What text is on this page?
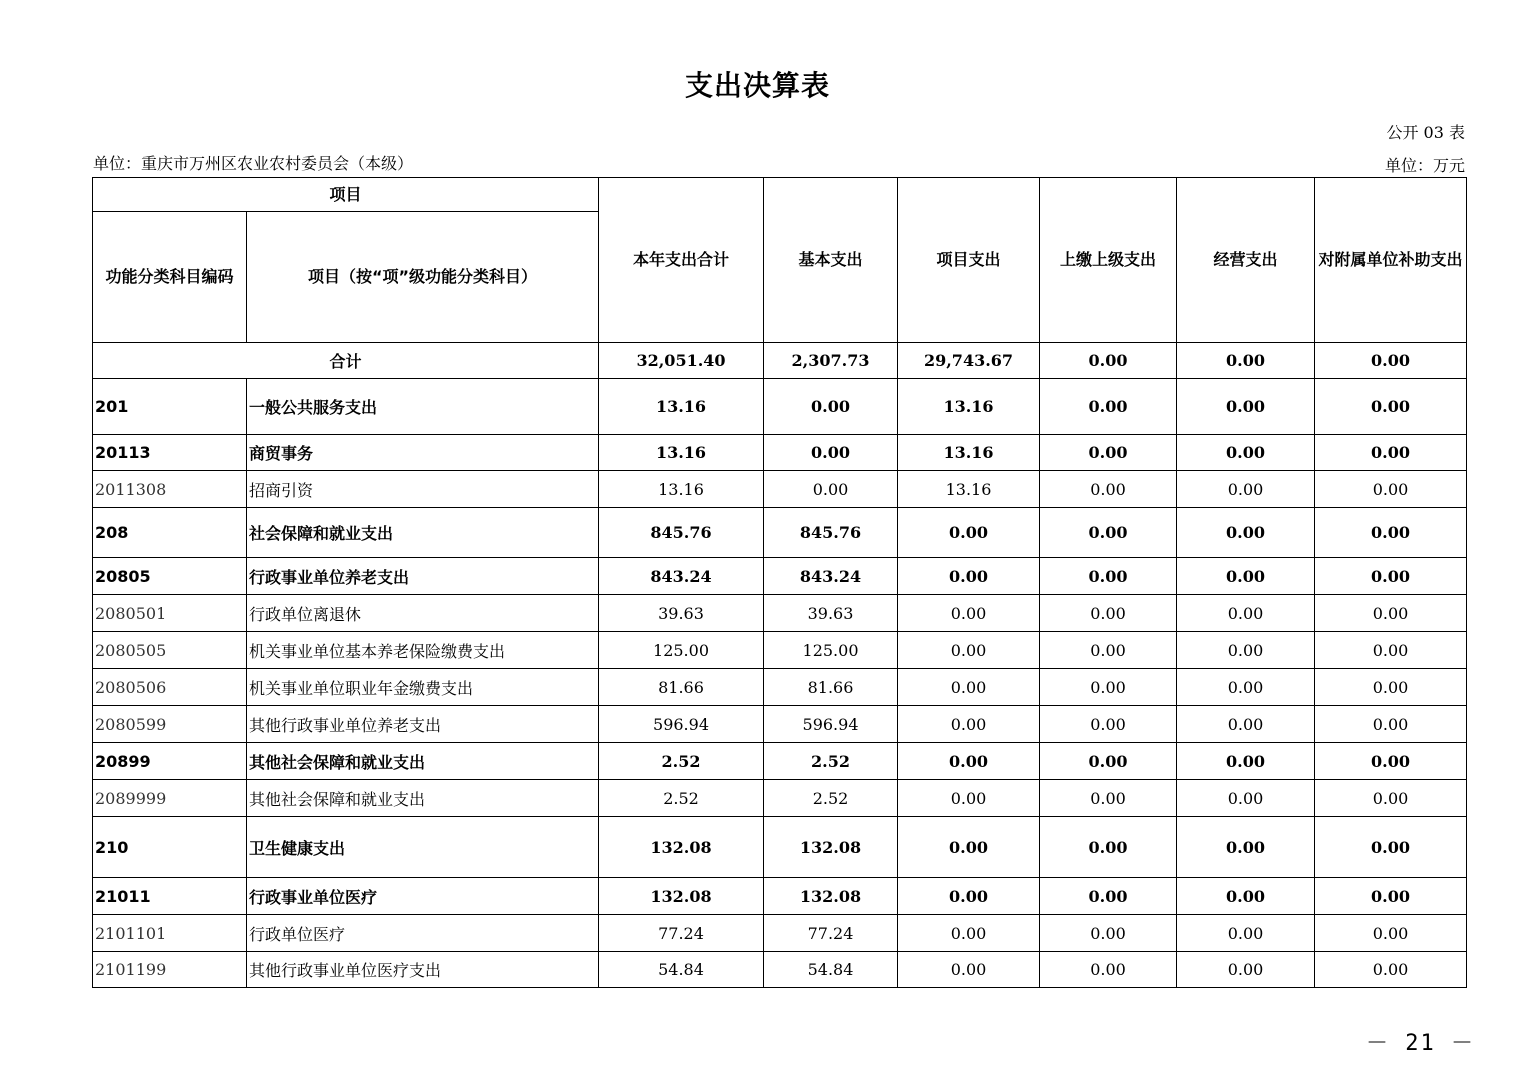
支出决算表
公开 03 表
单位：重庆市万州区农业农村委员会（本级）	单位：万元
项目		本年支出合计	基本支出	项目支出	上缴上级支出	经营支出	对附属单位补助支出
功能分类科目编码	项目（按“项”级功能分类科目）						
合计		32,051.40	2,307.73	29,743.67	0.00	0.00	0.00
201	一般公共服务支出	13.16	0.00	13.16	0.00	0.00	0.00
20113	商贸事务	13.16	0.00	13.16	0.00	0.00	0.00
2011308	招商引资	13.16	0.00	13.16	0.00	0.00	0.00
208	社会保障和就业支出	845.76	845.76	0.00	0.00	0.00	0.00
20805	行政事业单位养老支出	843.24	843.24	0.00	0.00	0.00	0.00
2080501	行政单位离退休	39.63	39.63	0.00	0.00	0.00	0.00
2080505	机关事业单位基本养老保险缴费支出	125.00	125.00	0.00	0.00	0.00	0.00
2080506	机关事业单位职业年金缴费支出	81.66	81.66	0.00	0.00	0.00	0.00
2080599	其他行政事业单位养老支出	596.94	596.94	0.00	0.00	0.00	0.00
20899	其他社会保障和就业支出	2.52	2.52	0.00	0.00	0.00	0.00
2089999	其他社会保障和就业支出	2.52	2.52	0.00	0.00	0.00	0.00
210	卫生健康支出	132.08	132.08	0.00	0.00	0.00	0.00
21011	行政事业单位医疗	132.08	132.08	0.00	0.00	0.00	0.00
2101101	行政单位医疗	77.24	77.24	0.00	0.00	0.00	0.00
2101199	其他行政事业单位医疗支出	54.84	54.84	0.00	0.00	0.00	0.00
－ 21 －
